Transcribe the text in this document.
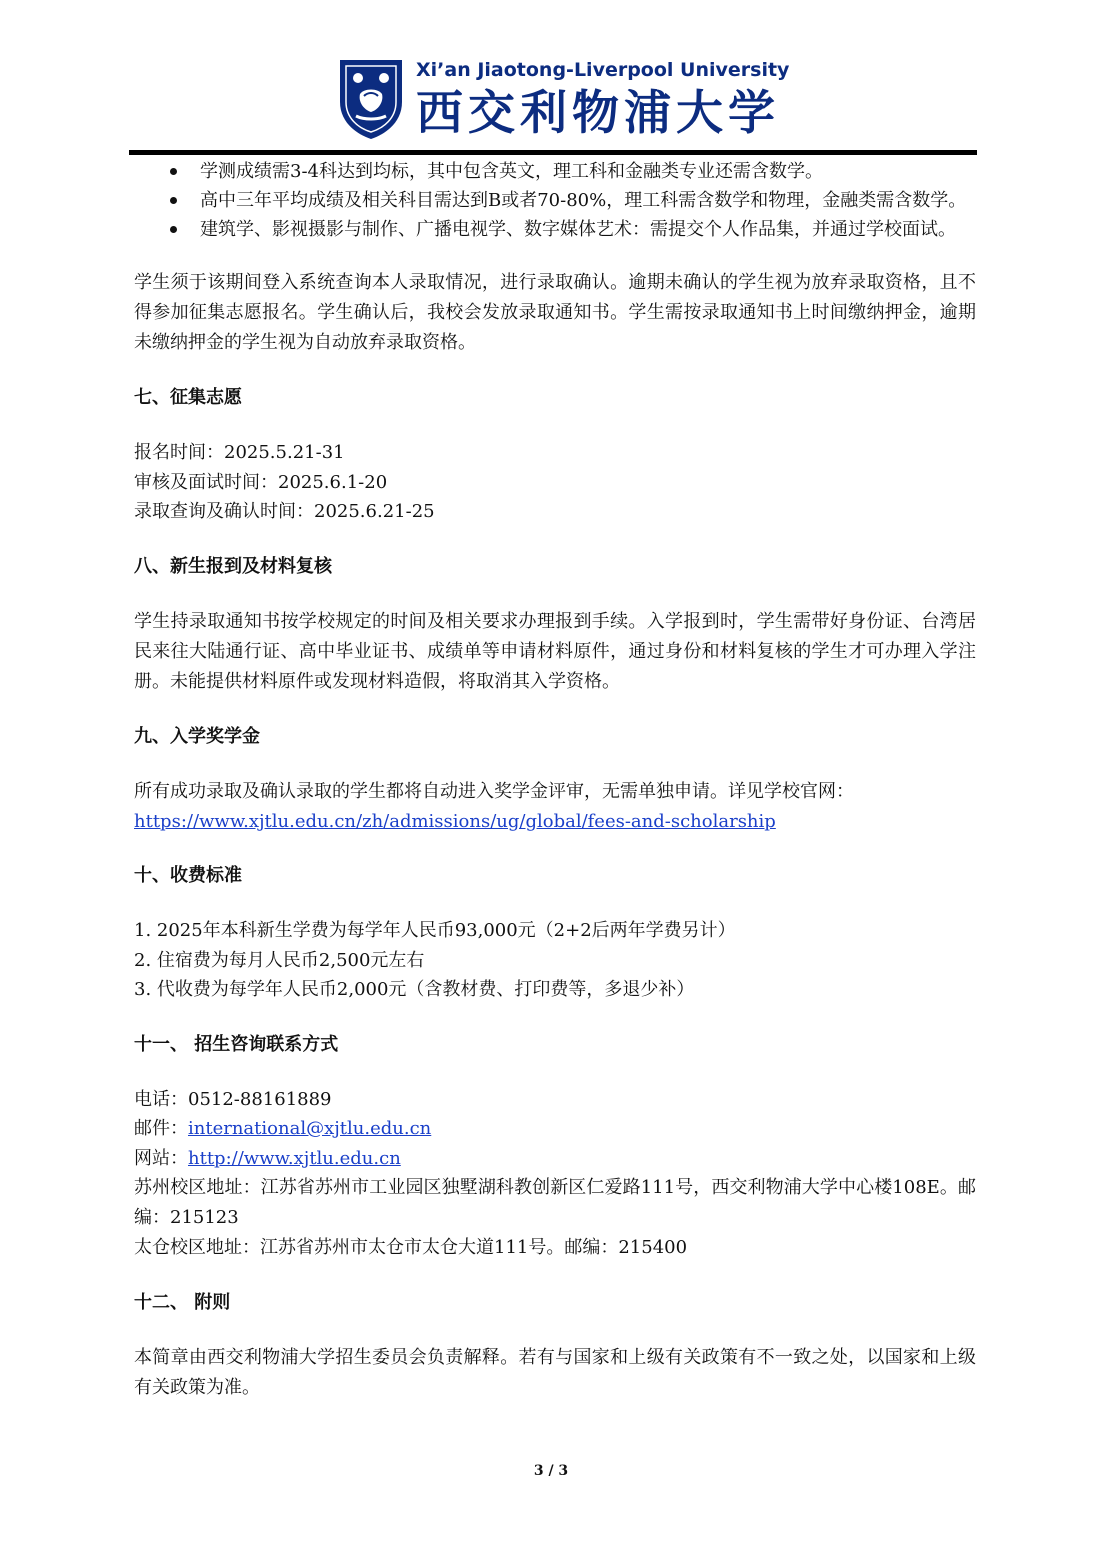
Xi’an Jiaotong-Liverpool University
西交利物浦大学
学测成绩需3-4科达到均标，其中包含英文，理工科和金融类专业还需含数学。
高中三年平均成绩及相关科目需达到B或者70-80%，理工科需含数学和物理，金融类需含数学。
建筑学、影视摄影与制作、广播电视学、数字媒体艺术：需提交个人作品集，并通过学校面试。

学生须于该期间登入系统查询本人录取情况，进行录取确认。逾期未确认的学生视为放弃录取资格，且不得参加征集志愿报名。学生确认后，我校会发放录取通知书。学生需按录取通知书上时间缴纳押金，逾期未缴纳押金的学生视为自动放弃录取资格。

七、征集志愿
报名时间：2025.5.21-31
审核及面试时间：2025.6.1-20
录取查询及确认时间：2025.6.21-25
八、新生报到及材料复核

学生持录取通知书按学校规定的时间及相关要求办理报到手续。入学报到时，学生需带好身份证、台湾居民来往大陆通行证、高中毕业证书、成绩单等申请材料原件，通过身份和材料复核的学生才可办理入学注册。未能提供材料原件或发现材料造假，将取消其入学资格。

九、入学奖学金

所有成功录取及确认录取的学生都将自动进入奖学金评审，无需单独申请。详见学校官网：

https://www.xjtlu.edu.cn/zh/admissions/ug/global/fees-and-scholarship
十、收费标准
1. 2025年本科新生学费为每学年人民币93,000元（2+2后两年学费另计）
2. 住宿费为每月人民币2,500元左右
3. 代收费为每学年人民币2,000元（含教材费、打印费等，多退少补）
十一、 招生咨询联系方式
电话：0512-88161889
邮件：international@xjtlu.edu.cn
网站：http://www.xjtlu.edu.cn

苏州校区地址：江苏省苏州市工业园区独墅湖科教创新区仁爱路111号，西交利物浦大学中心楼108E。邮编：215123

太仓校区地址：江苏省苏州市太仓市太仓大道111号。邮编：215400

十二、 附则

本简章由西交利物浦大学招生委员会负责解释。若有与国家和上级有关政策有不一致之处，以国家和上级有关政策为准。

3 / 3
